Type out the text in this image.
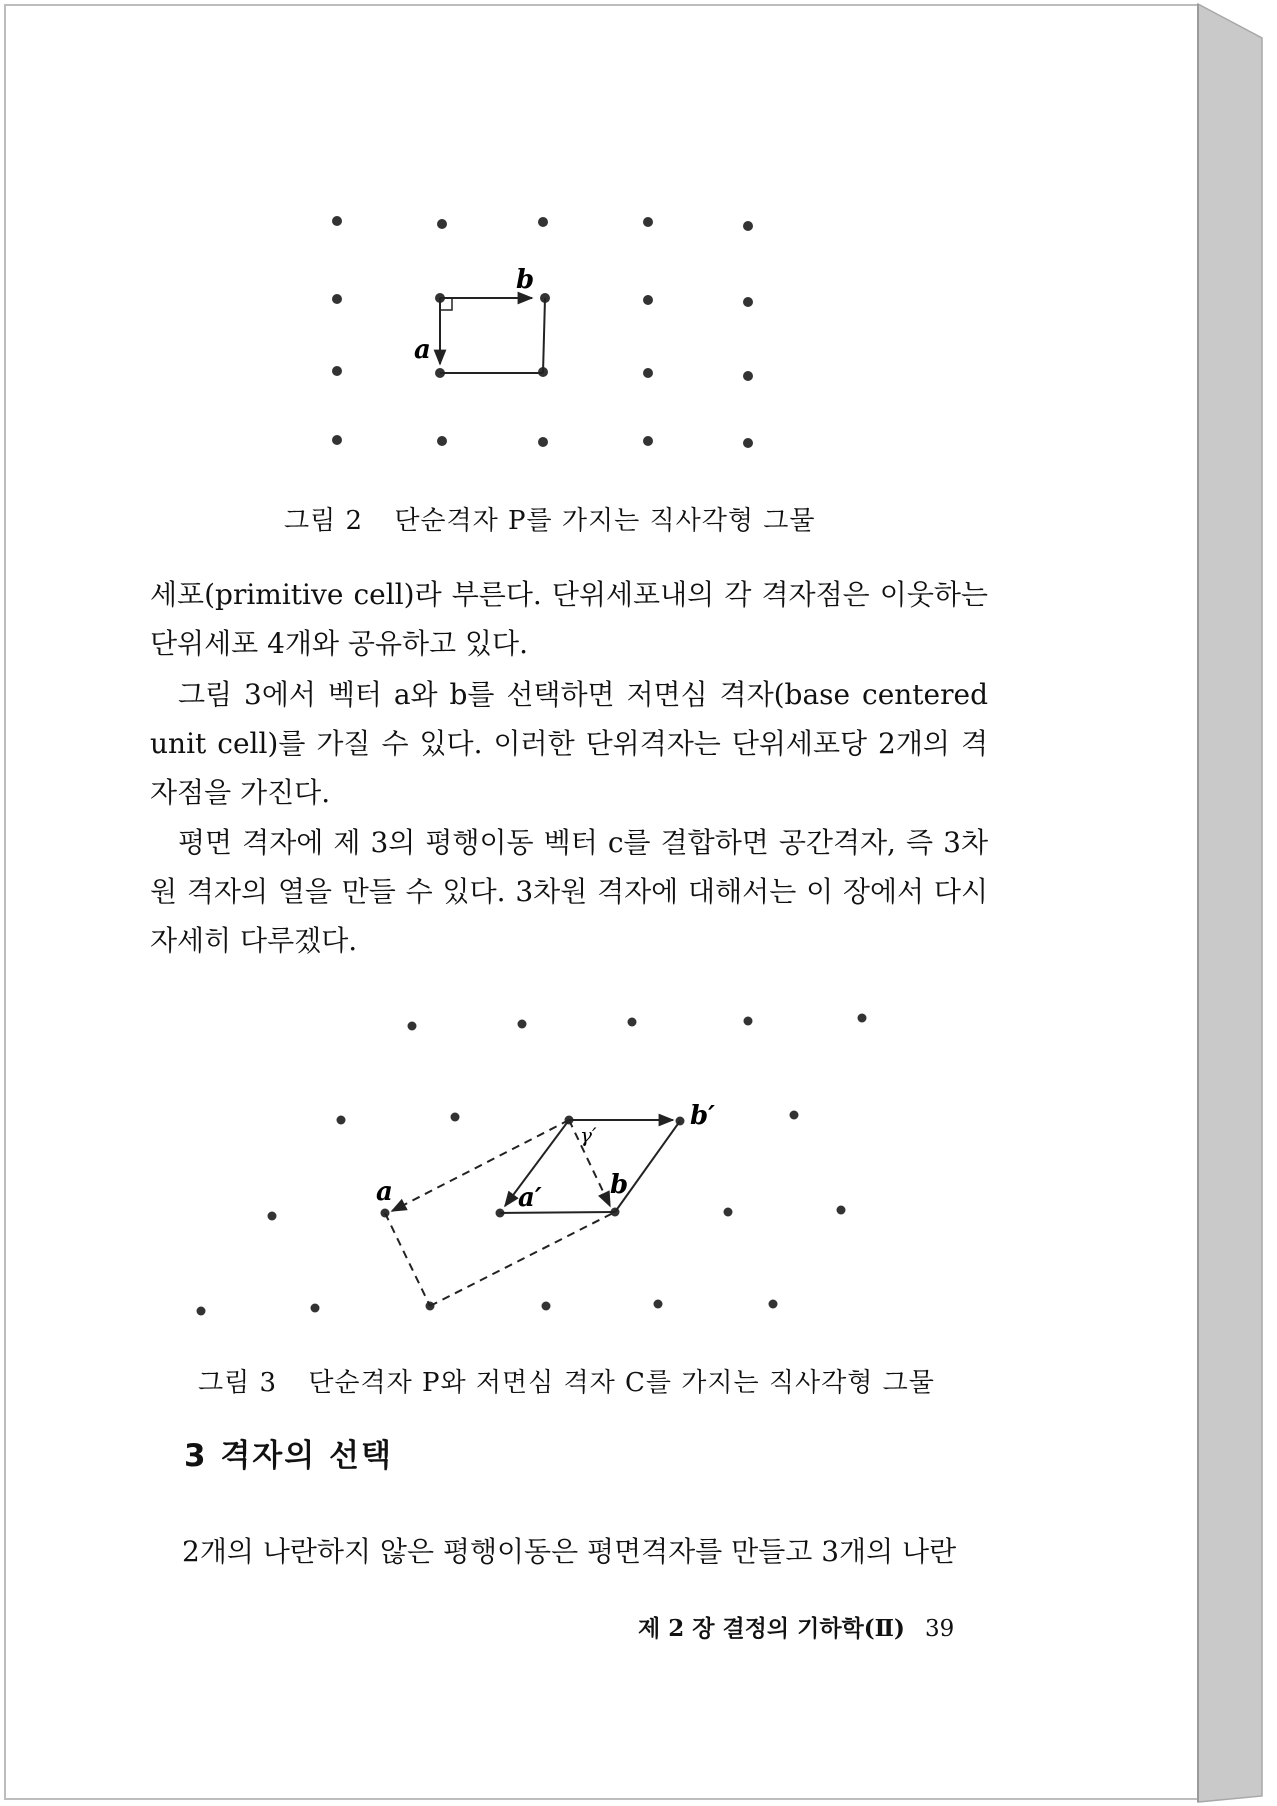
b
a
그림 2 단순격자 P를 가지는 직사각형 그물

세포(primitive cell)라 부른다. 단위세포내의 각 격자점은 이웃하는 단위세포 4개와 공유하고 있다.

그림 3에서 벡터 a와 b를 선택하면 저면심 격자(base centered unit cell)를 가질 수 있다. 이러한 단위격자는 단위세포당 2개의 격자점을 가진다.

평면 격자에 제 3의 평행이동 벡터 c를 결합하면 공간격자, 즉 3차원 격자의 열을 만들 수 있다. 3차원 격자에 대해서는 이 장에서 다시 자세히 다루겠다.

a	a′	b
b′
γ′
그림 3 단순격자 P와 저면심 격자 C를 가지는 직사각형 그물
3 격자의 선택
2개의 나란하지 않은 평행이동은 평면격자를 만들고 3개의 나란
제 2 장 결정의 기하학(Ⅱ) 39
